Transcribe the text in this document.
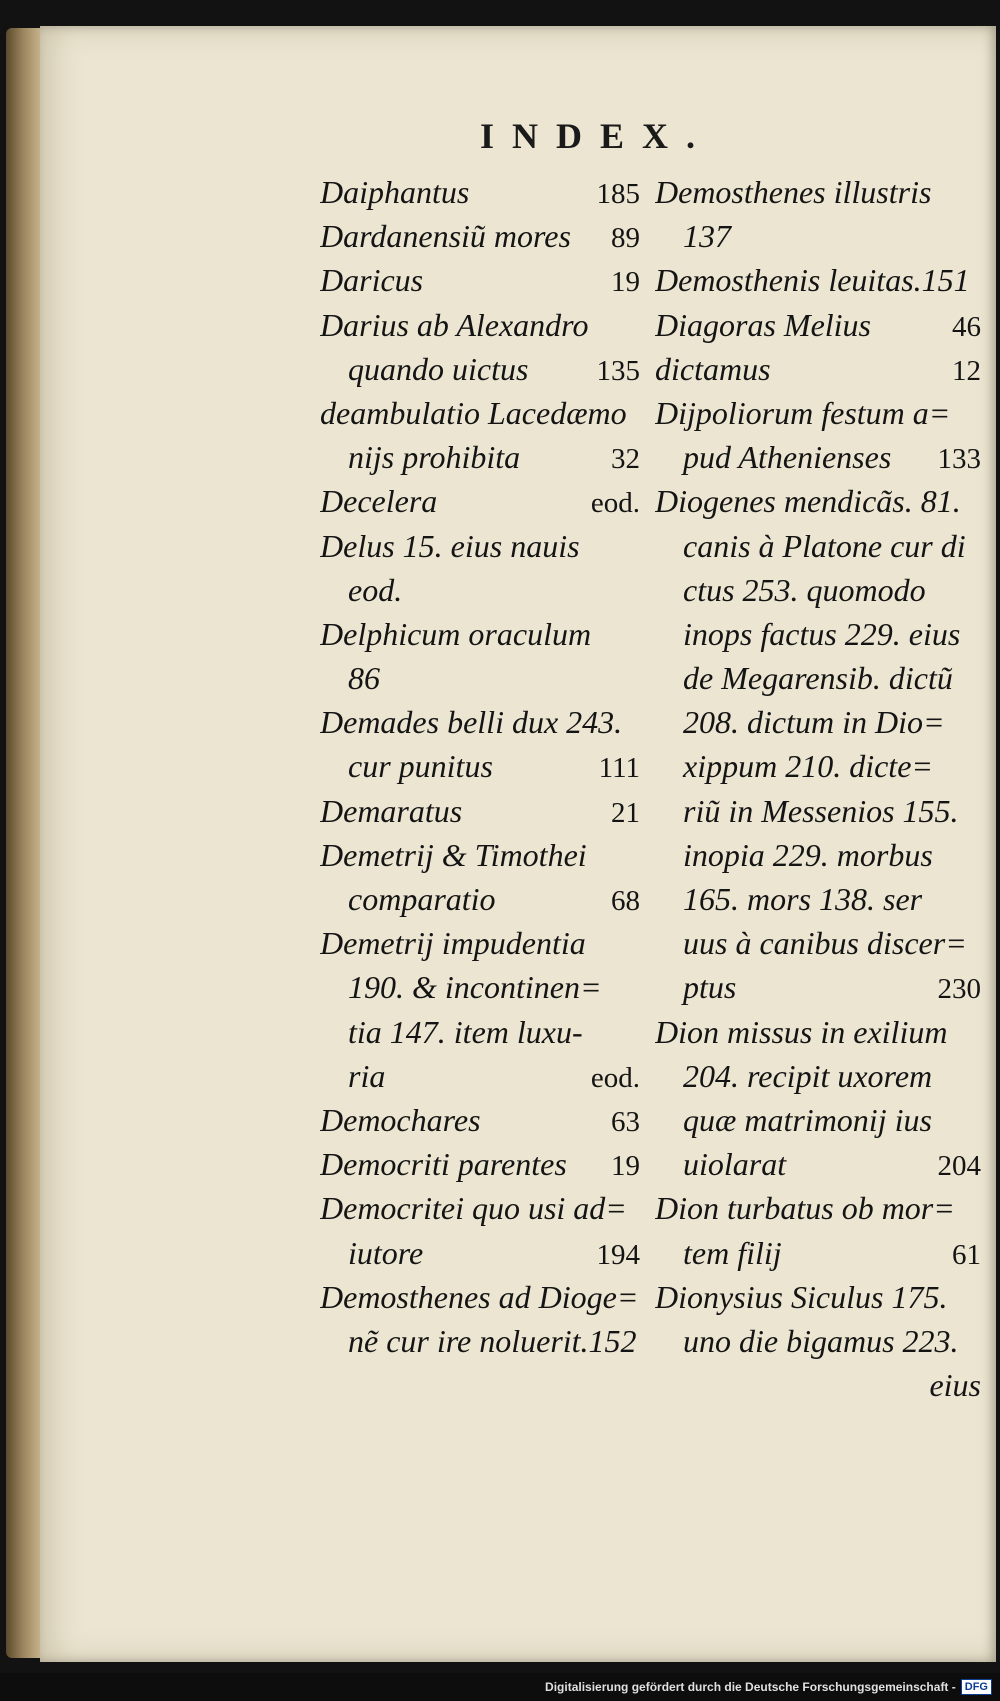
INDEX.
Daiphantus	185
Dardanensiũ mores 89
Daricus	19
Darius ab Alexandro
quando uictus 135
deambulatio Lacedæmo
nijs prohibita	32
Decelera	eod.
Delus 15. eius nauis
eod.
Delphicum oraculum
86
Demades belli dux 243.
cur punitus	111
Demaratus	21
Demetrij & Timothei
comparatio	68
Demetrij impudentia
190. & incontinen=
tia 147. item luxu-
ria	eod.
Demochares	63
Democriti parentes 19
Democritei quo usi ad=
iutore	194
Demosthenes ad Dioge=
nẽ cur ire noluerit.152
Demosthenes illustris
137
Demosthenis leuitas.151
Diagoras Melius	46
dictamus	12
Dijpoliorum festum a=
pud Athenienses 133
Diogenes mendicãs. 81.
canis à Platone cur di
ctus 253. quomodo
inops factus 229. eius
de Megarensib. dictũ
208. dictum in Dio=
xippum 210. dicte=
riũ in Messenios 155.
inopia 229. morbus
165. mors 138. ser
uus à canibus discer=
ptus	230
Dion missus in exilium
204. recipit uxorem
quæ matrimonij ius
uiolarat	204
Dion turbatus ob mor=
tem filij	61
Dionysius Siculus 175.
uno die bigamus 223.
eius
Digitalisierung gefördert durch die Deutsche Forschungsgemeinschaft - DFG
